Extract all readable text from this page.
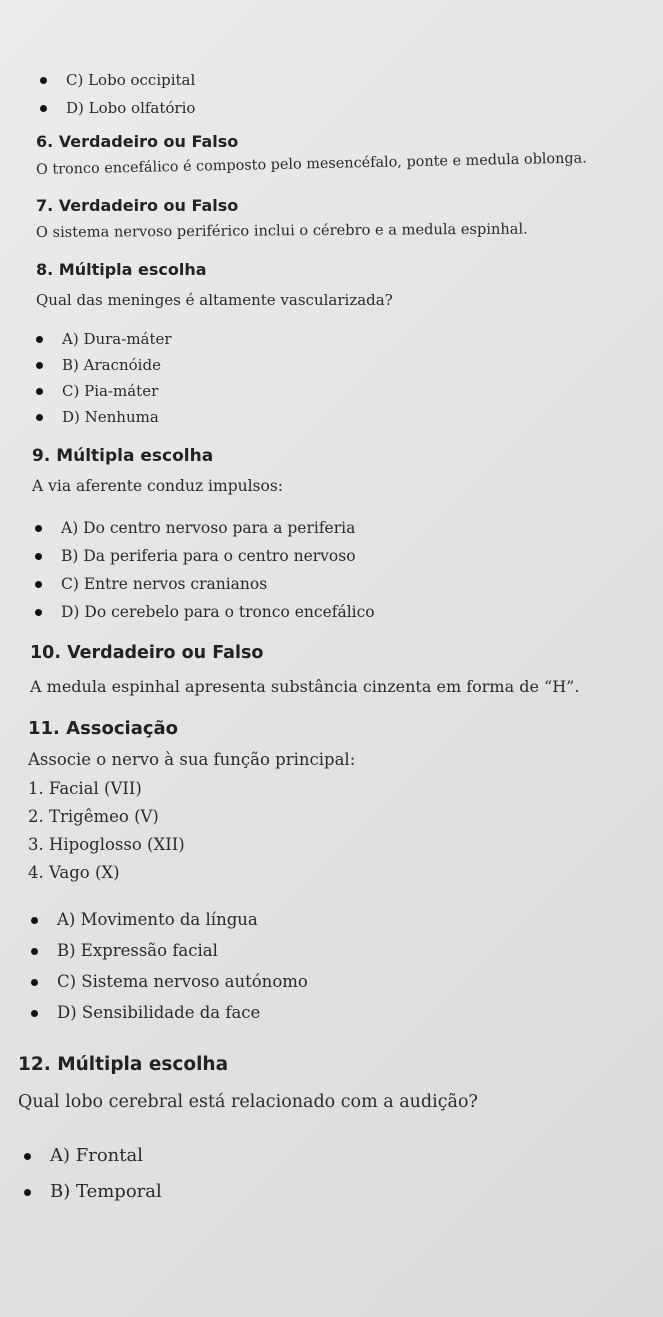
C) Lobo occipital
D) Lobo olfatório
6. Verdadeiro ou Falso
O tronco encefálico é composto pelo mesencéfalo, ponte e medula oblonga.
7. Verdadeiro ou Falso
O sistema nervoso periférico inclui o cérebro e a medula espinhal.
8. Múltipla escolha
Qual das meninges é altamente vascularizada?
A) Dura-máter
B) Aracnóide
C) Pia-máter
D) Nenhuma
9. Múltipla escolha
A via aferente conduz impulsos:
A) Do centro nervoso para a periferia
B) Da periferia para o centro nervoso
C) Entre nervos cranianos
D) Do cerebelo para o tronco encefálico
10. Verdadeiro ou Falso
A medula espinhal apresenta substância cinzenta em forma de “H”.
11. Associação
Associe o nervo à sua função principal:
1. Facial (VII)
2. Trigêmeo (V)
3. Hipoglosso (XII)
4. Vago (X)
A) Movimento da língua
B) Expressão facial
C) Sistema nervoso autónomo
D) Sensibilidade da face
12. Múltipla escolha
Qual lobo cerebral está relacionado com a audição?
A) Frontal
B) Temporal
